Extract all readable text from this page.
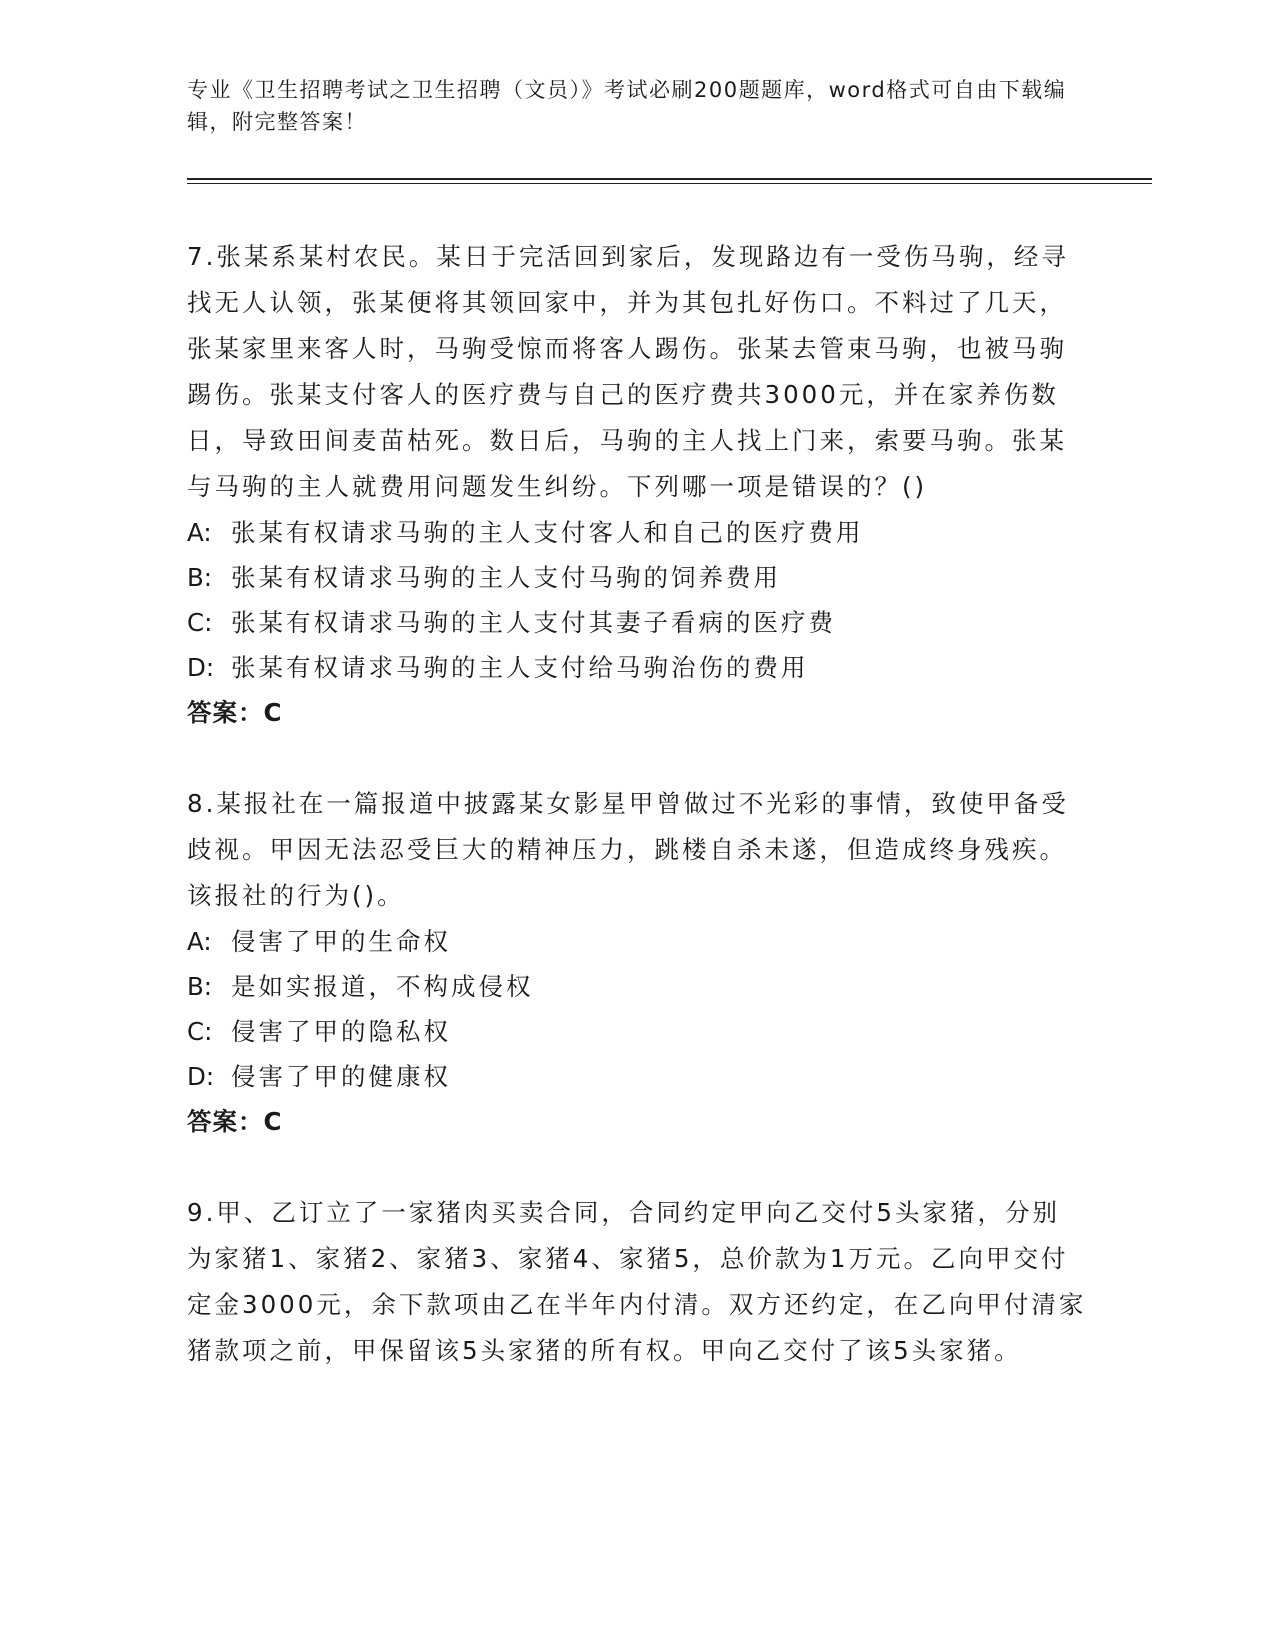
专业《卫生招聘考试之卫生招聘（文员）》考试必刷200题题库，word格式可自由下载编辑，附完整答案！
7.张某系某村农民。某日于完活回到家后，发现路边有一受伤马驹，经寻找无人认领，张某便将其领回家中，并为其包扎好伤口。不料过了几天，张某家里来客人时，马驹受惊而将客人踢伤。张某去管束马驹，也被马驹踢伤。张某支付客人的医疗费与自己的医疗费共3000元，并在家养伤数日，导致田间麦苗枯死。数日后，马驹的主人找上门来，索要马驹。张某与马驹的主人就费用问题发生纠纷。下列哪一项是错误的？()
A: 张某有权请求马驹的主人支付客人和自己的医疗费用
B: 张某有权请求马驹的主人支付马驹的饲养费用
C: 张某有权请求马驹的主人支付其妻子看病的医疗费
D: 张某有权请求马驹的主人支付给马驹治伤的费用
答案：C
8.某报社在一篇报道中披露某女影星甲曾做过不光彩的事情，致使甲备受歧视。甲因无法忍受巨大的精神压力，跳楼自杀未遂，但造成终身残疾。该报社的行为()。
A: 侵害了甲的生命权
B: 是如实报道，不构成侵权
C: 侵害了甲的隐私权
D: 侵害了甲的健康权
答案：C
9.甲、乙订立了一家猪肉买卖合同，合同约定甲向乙交付5头家猪，分别为家猪1、家猪2、家猪3、家猪4、家猪5，总价款为1万元。乙向甲交付定金3000元，余下款项由乙在半年内付清。双方还约定，在乙向甲付清家猪款项之前，甲保留该5头家猪的所有权。甲向乙交付了该5头家猪。
